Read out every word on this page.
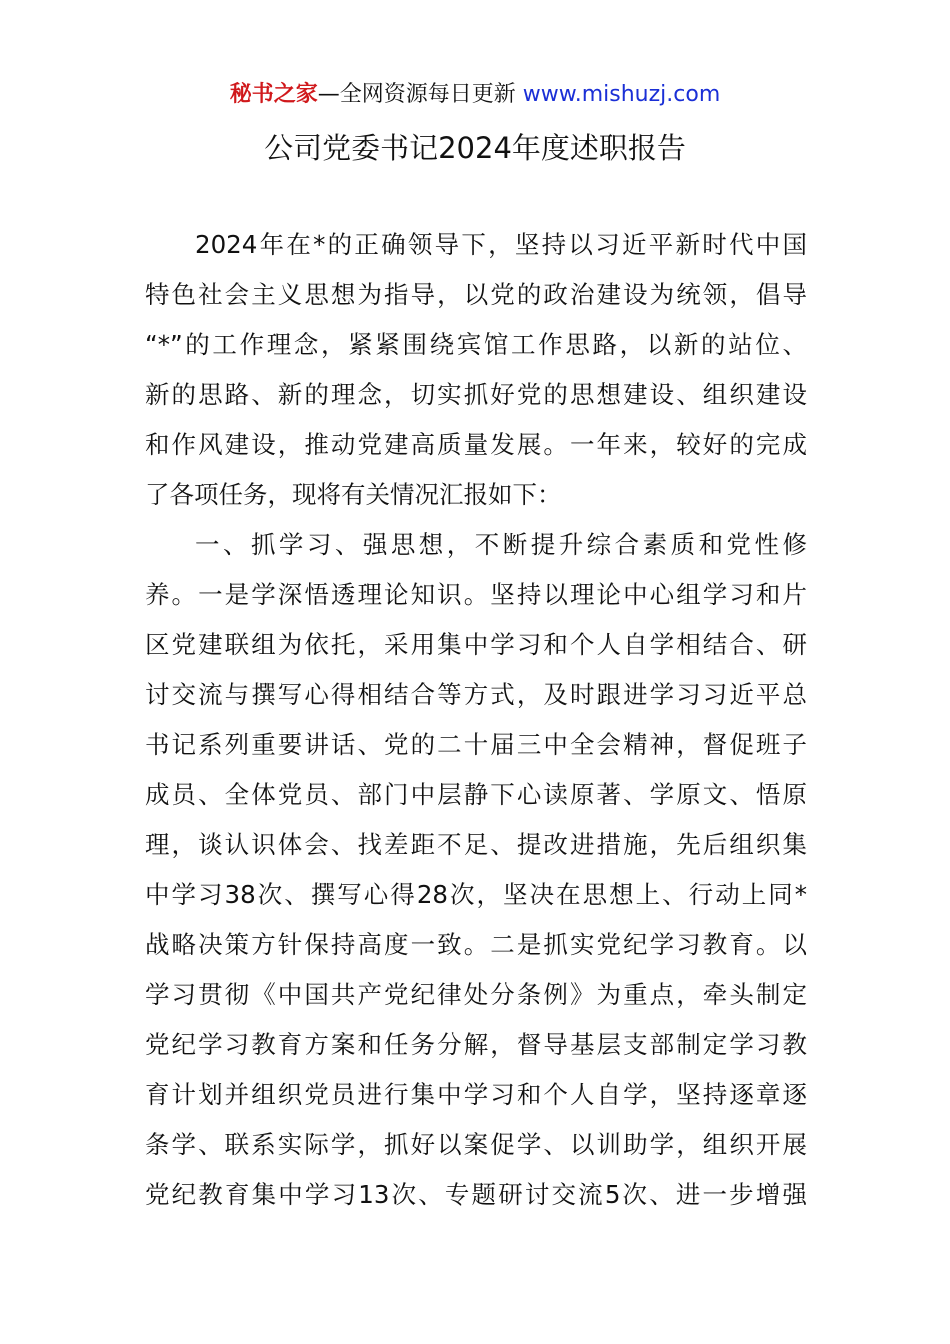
秘书之家—全网资源每日更新 www.mishuzj.com
公司党委书记2024年度述职报告
2024年在*的正确领导下，坚持以习近平新时代中国
特色社会主义思想为指导，以党的政治建设为统领，倡导
“*”的工作理念，紧紧围绕宾馆工作思路，以新的站位、
新的思路、新的理念，切实抓好党的思想建设、组织建设
和作风建设，推动党建高质量发展。一年来，较好的完成
了各项任务，现将有关情况汇报如下：
一、抓学习、强思想，不断提升综合素质和党性修
养。一是学深悟透理论知识。坚持以理论中心组学习和片
区党建联组为依托，采用集中学习和个人自学相结合、研
讨交流与撰写心得相结合等方式，及时跟进学习习近平总
书记系列重要讲话、党的二十届三中全会精神，督促班子
成员、全体党员、部门中层静下心读原著、学原文、悟原
理，谈认识体会、找差距不足、提改进措施，先后组织集
中学习38次、撰写心得28次，坚决在思想上、行动上同*
战略决策方针保持高度一致。二是抓实党纪学习教育。以
学习贯彻《中国共产党纪律处分条例》为重点，牵头制定
党纪学习教育方案和任务分解，督导基层支部制定学习教
育计划并组织党员进行集中学习和个人自学，坚持逐章逐
条学、联系实际学，抓好以案促学、以训助学，组织开展
党纪教育集中学习13次、专题研讨交流5次、进一步增强
